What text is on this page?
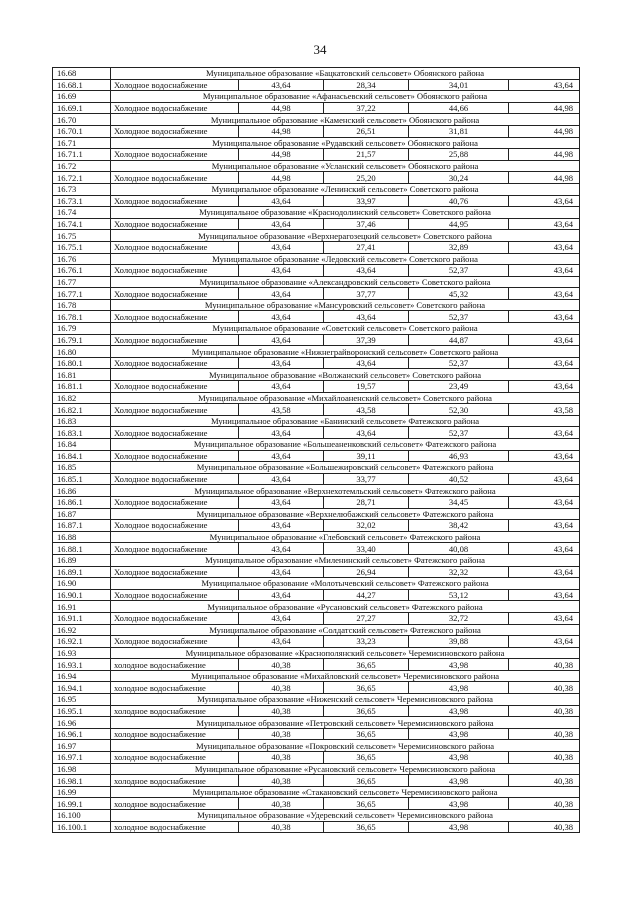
34
16.68	Муниципальное образование «Бацкатовский сельсовет» Обоянского района				
16.68.1	Холодное водоснабжение	43,64	28,34	34,01	43,64
16.69	Муниципальное образование «Афанасьевский сельсовет» Обоянского района				
16.69.1	Холодное водоснабжение	44,98	37,22	44,66	44,98
16.70	Муниципальное образование «Каменский сельсовет» Обоянского района				
16.70.1	Холодное водоснабжение	44,98	26,51	31,81	44,98
16.71	Муниципальное образование «Рудавский сельсовет» Обоянского района				
16.71.1	Холодное водоснабжение	44,98	21,57	25,88	44,98
16.72	Муниципальное образование «Усланский сельсовет» Обоянского района				
16.72.1	Холодное водоснабжение	44,98	25,20	30,24	44,98
16.73	Муниципальное образование «Ленинский сельсовет» Советского района				
16.73.1	Холодное водоснабжение	43,64	33,97	40,76	43,64
16.74	Муниципальное образование «Краснодолинский сельсовет» Советского района				
16.74.1	Холодное водоснабжение	43,64	37,46	44,95	43,64
16.75	Муниципальное образование «Верхнерагозецкий сельсовет» Советского района				
16.75.1	Холодное водоснабжение	43,64	27,41	32,89	43,64
16.76	Муниципальное образование «Ледовский сельсовет» Советского района				
16.76.1	Холодное водоснабжение	43,64	43,64	52,37	43,64
16.77	Муниципальное образование «Александровский сельсовет» Советского района				
16.77.1	Холодное водоснабжение	43,64	37,77	45,32	43,64
16.78	Муниципальное образование «Мансуровский сельсовет» Советского района				
16.78.1	Холодное водоснабжение	43,64	43,64	52,37	43,64
16.79	Муниципальное образование «Советский сельсовет» Советского района				
16.79.1	Холодное водоснабжение	43,64	37,39	44,87	43,64
16.80	Муниципальное образование «Нижнеграйворонский сельсовет» Советского района				
16.80.1	Холодное водоснабжение	43,64	43,64	52,37	43,64
16.81	Муниципальное образование «Волжанский сельсовет» Советского района				
16.81.1	Холодное водоснабжение	43,64	19,57	23,49	43,64
16.82	Муниципальное образование «Михайлоаненский сельсовет» Советского района				
16.82.1	Холодное водоснабжение	43,58	43,58	52,30	43,58
16.83	Муниципальное образование «Банинский сельсовет» Фатежского района				
16.83.1	Холодное водоснабжение	43,64	43,64	52,37	43,64
16.84	Муниципальное образование «Большеаненковский сельсовет» Фатежского района				
16.84.1	Холодное водоснабжение	43,64	39,11	46,93	43,64
16.85	Муниципальное образование «Большежировский сельсовет» Фатежского района				
16.85.1	Холодное водоснабжение	43,64	33,77	40,52	43,64
16.86	Муниципальное образование «Верхнехотемльский сельсовет» Фатежского района				
16.86.1	Холодное водоснабжение	43,64	28,71	34,45	43,64
16.87	Муниципальное образование «Верхнелюбажский сельсовет» Фатежского района				
16.87.1	Холодное водоснабжение	43,64	32,02	38,42	43,64
16.88	Муниципальное образование «Глебовский сельсовет» Фатежского района				
16.88.1	Холодное водоснабжение	43,64	33,40	40,08	43,64
16.89	Муниципальное образование «Миленинский сельсовет» Фатежского района				
16.89.1	Холодное водоснабжение	43,64	26,94	32,32	43,64
16.90	Муниципальное образование «Молотычевский сельсовет» Фатежского района				
16.90.1	Холодное водоснабжение	43,64	44,27	53,12	43,64
16.91	Муниципальное образование «Русановский сельсовет» Фатежского района				
16.91.1	Холодное водоснабжение	43,64	27,27	32,72	43,64
16.92	Муниципальное образование «Солдатский сельсовет» Фатежского района				
16.92.1	Холодное водоснабжение	43,64	33,23	39,88	43,64
16.93	Муниципальное образование «Краснополянский сельсовет» Черемисиновского района				
16.93.1	холодное водоснабжение	40,38	36,65	43,98	40,38
16.94	Муниципальное образование «Михайловский сельсовет» Черемисиновского района				
16.94.1	холодное водоснабжение	40,38	36,65	43,98	40,38
16.95	Муниципальное образование «Ниженский сельсовет» Черемисиновского района				
16.95.1	холодное водоснабжение	40,38	36,65	43,98	40,38
16.96	Муниципальное образование «Петровский сельсовет» Черемисиновского района				
16.96.1	холодное водоснабжение	40,38	36,65	43,98	40,38
16.97	Муниципальное образование «Покровский сельсовет» Черемисиновского района				
16.97.1	холодное водоснабжение	40,38	36,65	43,98	40,38
16.98	Муниципальное образование «Русановский сельсовет» Черемисиновского района				
16.98.1	холодное водоснабжение	40,38	36,65	43,98	40,38
16.99	Муниципальное образование «Стакановский сельсовет» Черемисиновского района				
16.99.1	холодное водоснабжение	40,38	36,65	43,98	40,38
16.100	Муниципальное образование «Удеревский сельсовет» Черемисиновского района				
16.100.1	холодное водоснабжение	40,38	36,65	43,98	40,38
